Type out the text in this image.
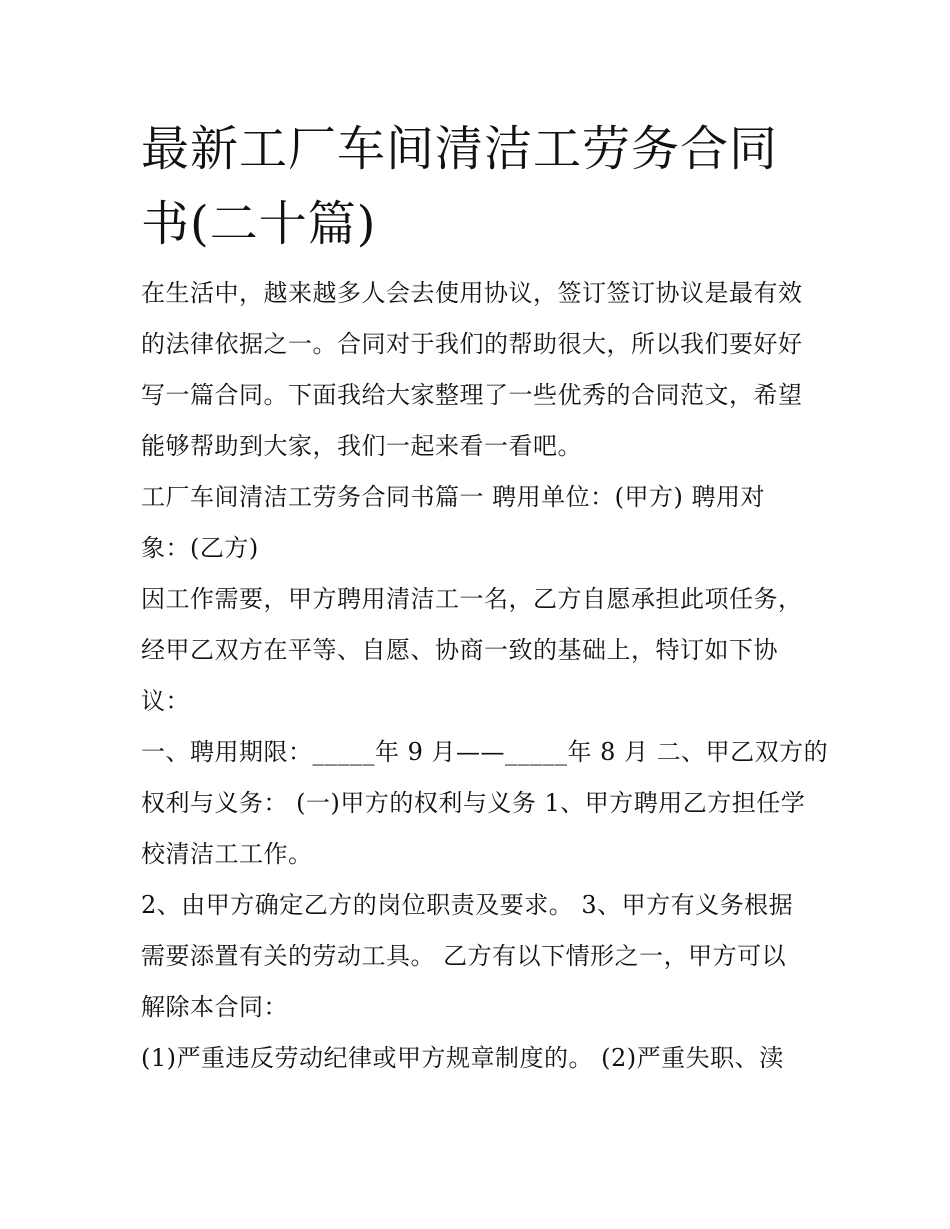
最新工厂车间清洁工劳务合同
书(二十篇)

在生活中，越来越多人会去使用协议，签订签订协议是最有效
的法律依据之一。合同对于我们的帮助很大，所以我们要好好
写一篇合同。下面我给大家整理了一些优秀的合同范文，希望
能够帮助到大家，我们一起来看一看吧。

工厂车间清洁工劳务合同书篇一 聘用单位：(甲方) 聘用对
象：(乙方)

因工作需要，甲方聘用清洁工一名，乙方自愿承担此项任务，
经甲乙双方在平等、自愿、协商一致的基础上，特订如下协
议：

一、聘用期限：_____年 9 月——_____年 8 月 二、甲乙双方的
权利与义务： (一)甲方的权利与义务 1、甲方聘用乙方担任学
校清洁工工作。

2、由甲方确定乙方的岗位职责及要求。 3、甲方有义务根据
需要添置有关的劳动工具。 乙方有以下情形之一，甲方可以
解除本合同：

(1)严重违反劳动纪律或甲方规章制度的。 (2)严重失职、渎
